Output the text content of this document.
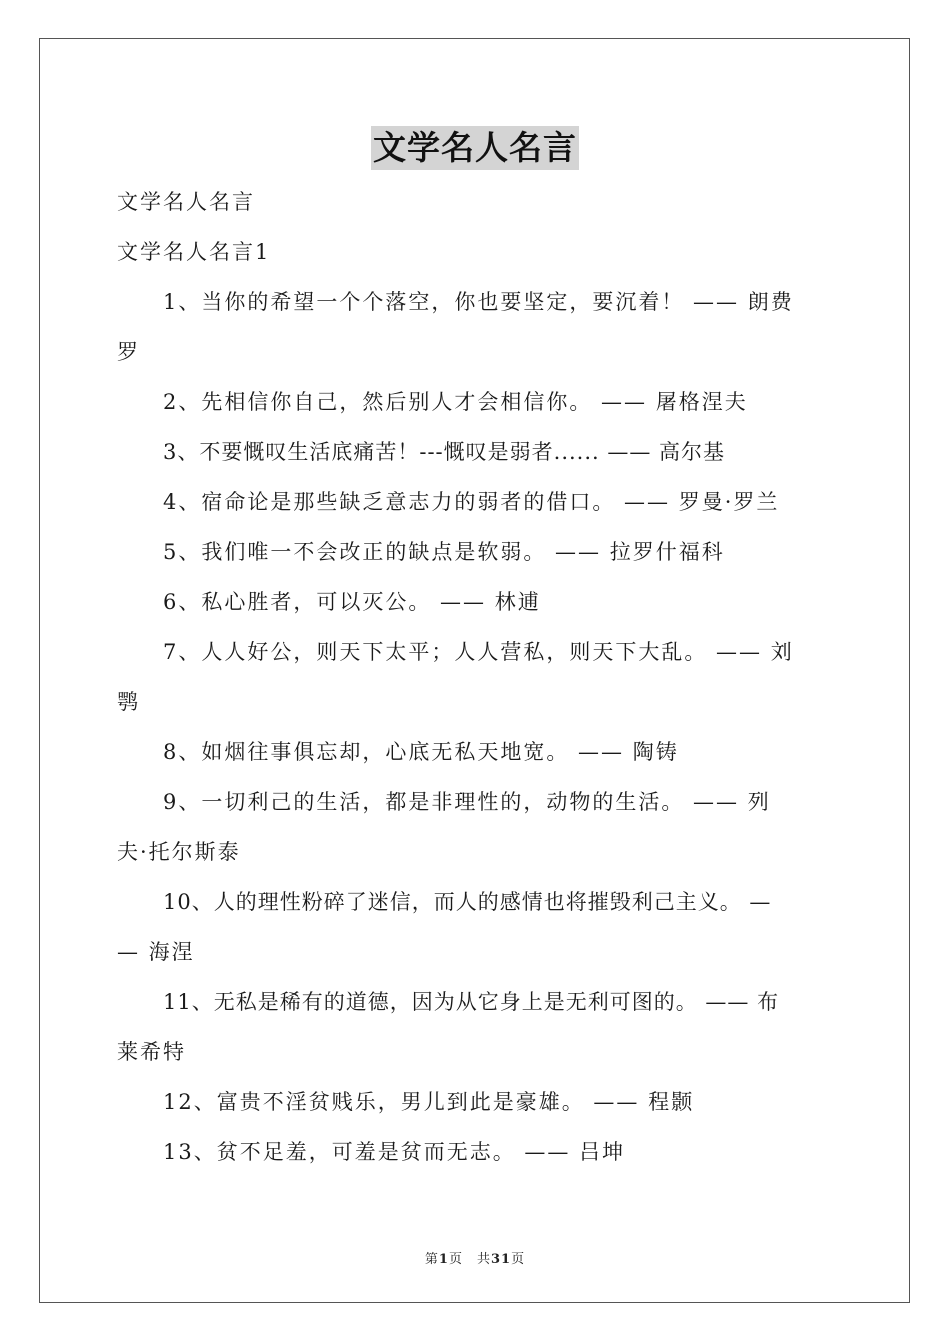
文学名人名言
文学名人名言
文学名人名言1
1、当你的希望一个个落空，你也要坚定，要沉着！ —— 朗费
罗
2、先相信你自己，然后别人才会相信你。 —— 屠格涅夫
3、不要慨叹生活底痛苦！---慨叹是弱者...... —— 高尔基
4、宿命论是那些缺乏意志力的弱者的借口。 —— 罗曼·罗兰
5、我们唯一不会改正的缺点是软弱。 —— 拉罗什福科
6、私心胜者，可以灭公。 —— 林逋
7、人人好公，则天下太平；人人营私，则天下大乱。 —— 刘
鹗
8、如烟往事俱忘却，心底无私天地宽。 —— 陶铸
9、一切利己的生活，都是非理性的，动物的生活。 —— 列
夫·托尔斯泰
10、人的理性粉碎了迷信，而人的感情也将摧毁利己主义。 —
— 海涅
11、无私是稀有的道德，因为从它身上是无利可图的。 —— 布
莱希特
12、富贵不淫贫贱乐，男儿到此是豪雄。 —— 程颢
13、贫不足羞，可羞是贫而无志。 —— 吕坤
第1页　共31页
